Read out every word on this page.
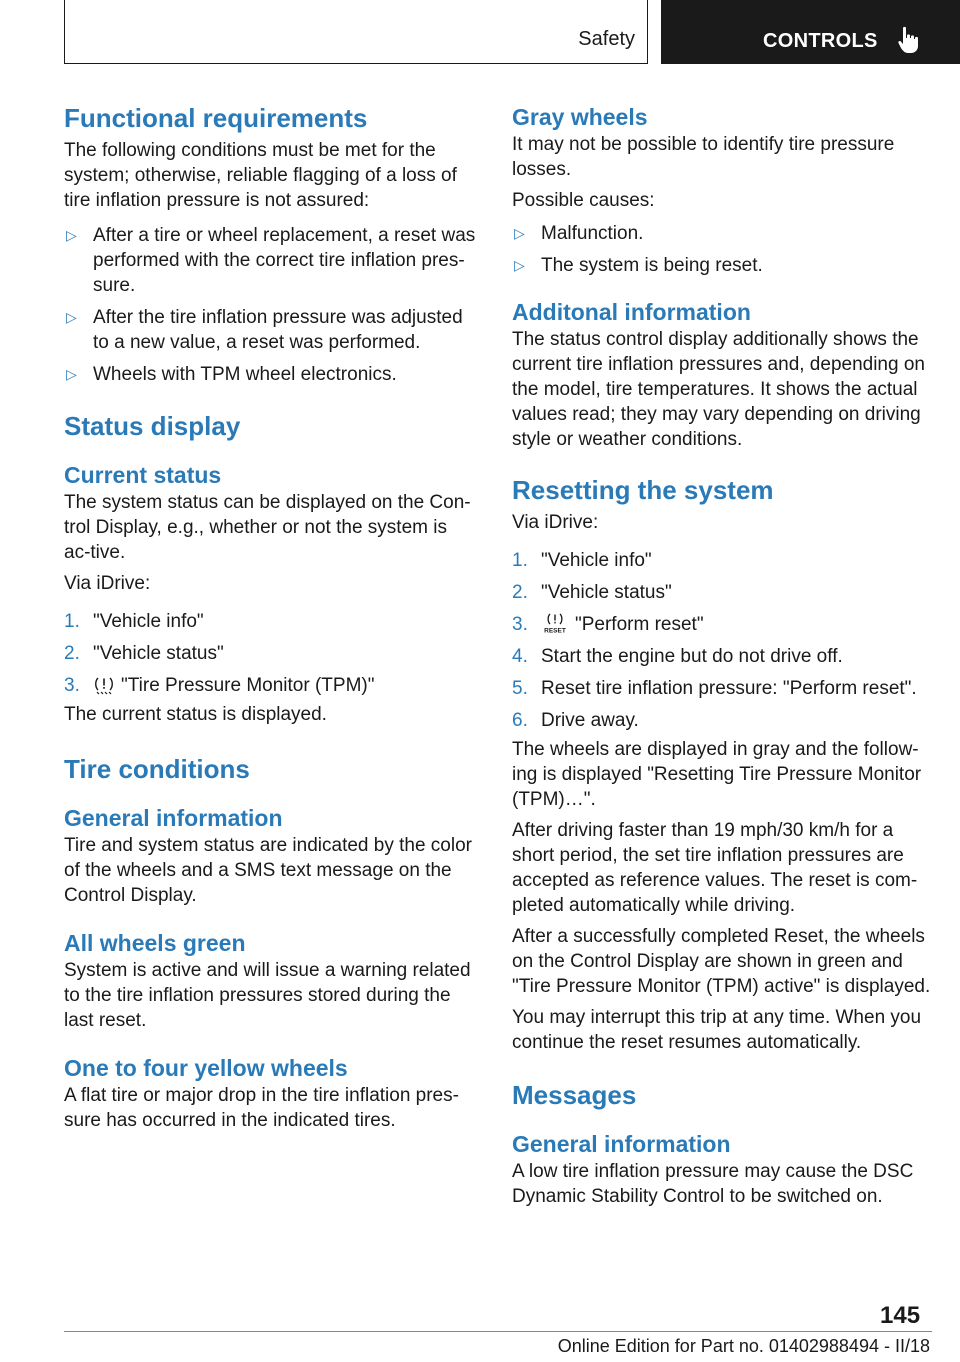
Safety	CONTROLS
Functional requirements

The following conditions must be met for the system; otherwise, reliable flagging of a loss of tire inflation pressure is not assured:

▷ After a tire or wheel replacement, a reset was performed with the correct tire inflation pres-sure.
▷ After the tire inflation pressure was adjusted to a new value, a reset was performed.
▷ Wheels with TPM wheel electronics.
Status display
Current status

The system status can be displayed on the Con-trol Display, e.g., whether or not the system is ac-tive.

Via iDrive:

1. "Vehicle info"
2. "Vehicle status"
3. "Tire Pressure Monitor (TPM)"

The current status is displayed.

Tire conditions
General information

Tire and system status are indicated by the color of the wheels and a SMS text message on the Control Display.

All wheels green

System is active and will issue a warning related to the tire inflation pressures stored during the last reset.

One to four yellow wheels

A flat tire or major drop in the tire inflation pres-sure has occurred in the indicated tires.

Gray wheels

It may not be possible to identify tire pressure losses.

Possible causes:

▷ Malfunction.
▷ The system is being reset.
Additonal information

The status control display additionally shows the current tire inflation pressures and, depending on the model, tire temperatures. It shows the actual values read; they may vary depending on driving style or weather conditions.

Resetting the system

Via iDrive:

1. "Vehicle info"
2. "Vehicle status"
3.	RESET "Perform reset"
4. Start the engine but do not drive off.
5. Reset tire inflation pressure: "Perform reset".
6. Drive away.

The wheels are displayed in gray and the follow-ing is displayed "Resetting Tire Pressure Monitor (TPM)…".

After driving faster than 19 mph/30 km/h for a short period, the set tire inflation pressures are accepted as reference values. The reset is com-pleted automatically while driving.

After a successfully completed Reset, the wheels on the Control Display are shown in green and "Tire Pressure Monitor (TPM) active" is displayed.

You may interrupt this trip at any time. When you continue the reset resumes automatically.

Messages
General information

A low tire inflation pressure may cause the DSC Dynamic Stability Control to be switched on.

145
Online Edition for Part no. 01402988494 - II/18
